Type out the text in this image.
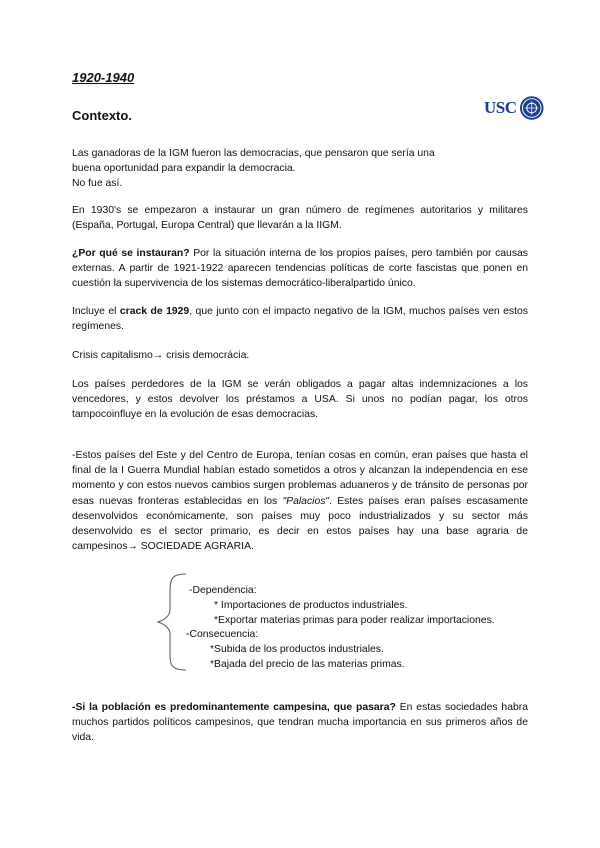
1920-1940
Contexto.	USC

Las ganadoras de la IGM fueron las democracias, que pensaron que sería una
buena oportunidad para expandir la democracia.
No fue así.

En 1930's se empezaron a instaurar un gran número de regímenes autoritarios y militares (España, Portugal, Europa Central) que llevarán a la IIGM.

¿Por qué se instauran? Por la situación interna de los propios países, pero también por causas externas. A partir de 1921-1922 aparecen tendencias políticas de corte fascistas que ponen en cuestión la supervivencia de los sistemas democrático-liberalpartido único.

Incluye el crack de 1929, que junto con el impacto negativo de la IGM, muchos países ven estos regímenes.

Crisis capitalismo→ crisis democrácia.

Los países perdedores de la IGM se verán obligados a pagar altas indemnizaciones a los vencedores, y estos devolver los préstamos a USA. Si unos no podían pagar, los otros tampocoinfluye en la evolución de esas democracias.

-Estos países del Este y del Centro de Europa, tenían cosas en común, eran países que hasta el final de la I Guerra Mundial habían estado sometidos a otros y alcanzan la independencia en ese momento y con estos nuevos cambios surgen problemas aduaneros y de tránsito de personas por esas nuevas fronteras establecidas en los "Palacios". Estes países eran países escasamente desenvolvidos económicamente, son países muy poco industrializados y su sector más desenvolvido es el sector primario, es decir en estos países hay una base agraria de campesinos→ SOCIEDADE AGRARIA.

-Dependencia:

* Importaciones de productos industriales.

*Exportar materias primas para poder realizar importaciones.

-Consecuencia:

*Subida de los productos industriales.

*Bajada del precio de las materias primas.

-Si la población es predominantemente campesina, que pasara? En estas sociedades habra muchos partidos políticos campesinos, que tendran mucha importancia en sus primeros años de vida.
